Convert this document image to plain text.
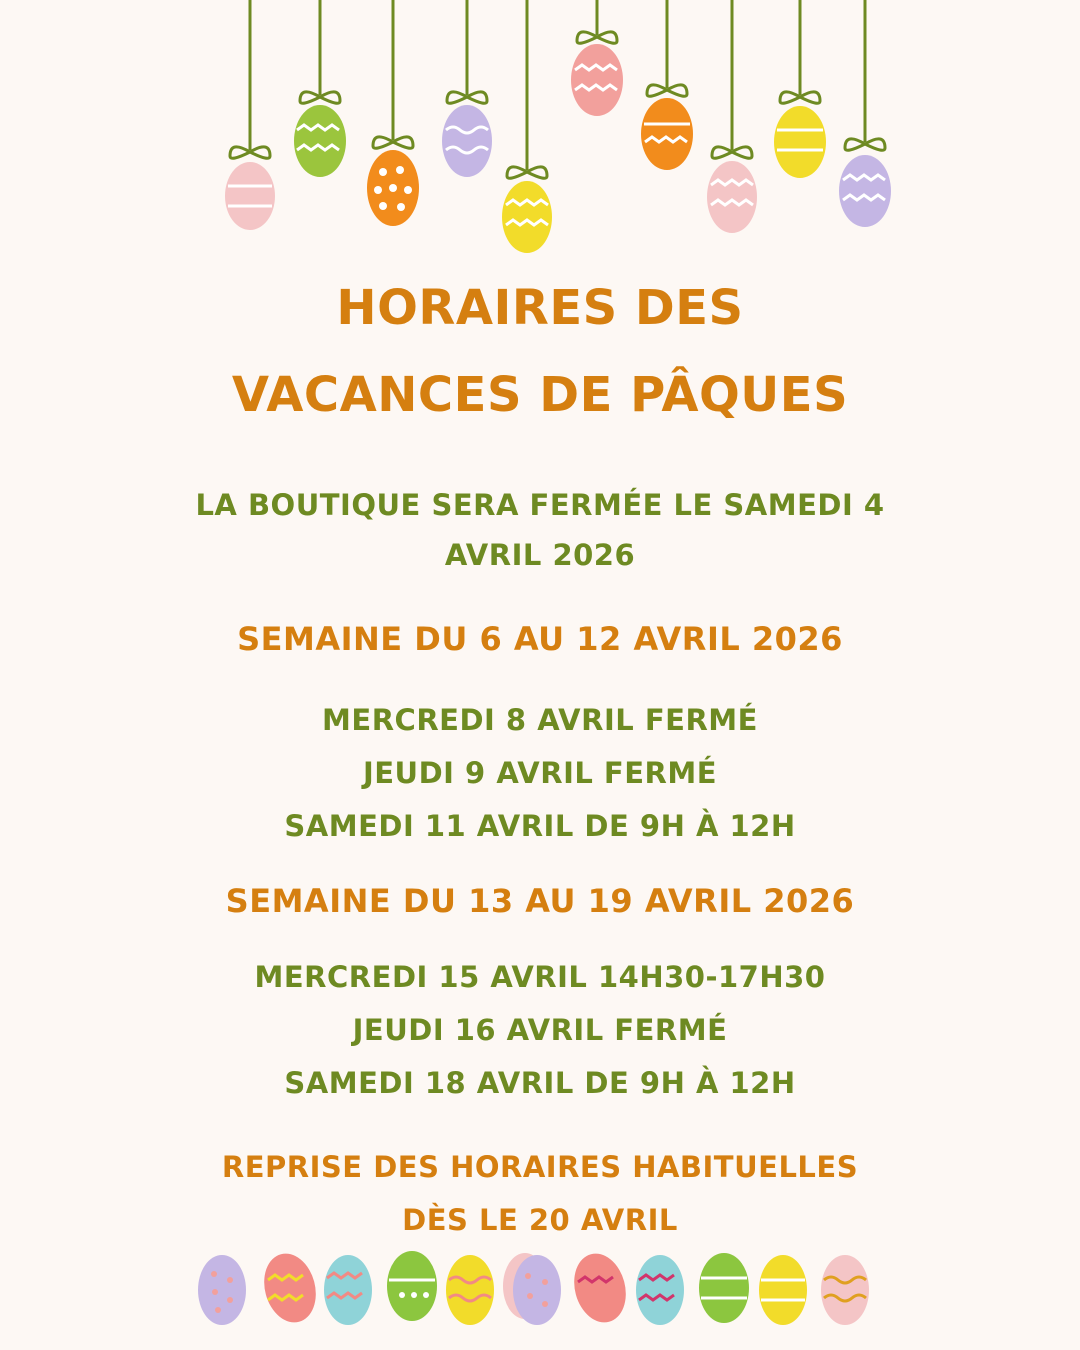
HORAIRES DES
VACANCES DE PÂQUES
LA BOUTIQUE SERA FERMÉE LE SAMEDI 4
AVRIL 2026
SEMAINE DU 6 AU 12 AVRIL 2026
MERCREDI 8 AVRIL FERMÉ
JEUDI 9 AVRIL FERMÉ
SAMEDI 11 AVRIL DE 9H À 12H
SEMAINE DU 13 AU 19 AVRIL 2026
MERCREDI 15 AVRIL 14H30-17H30
JEUDI 16 AVRIL FERMÉ
SAMEDI 18 AVRIL DE 9H À 12H
REPRISE DES HORAIRES HABITUELLES
DÈS LE 20 AVRIL
